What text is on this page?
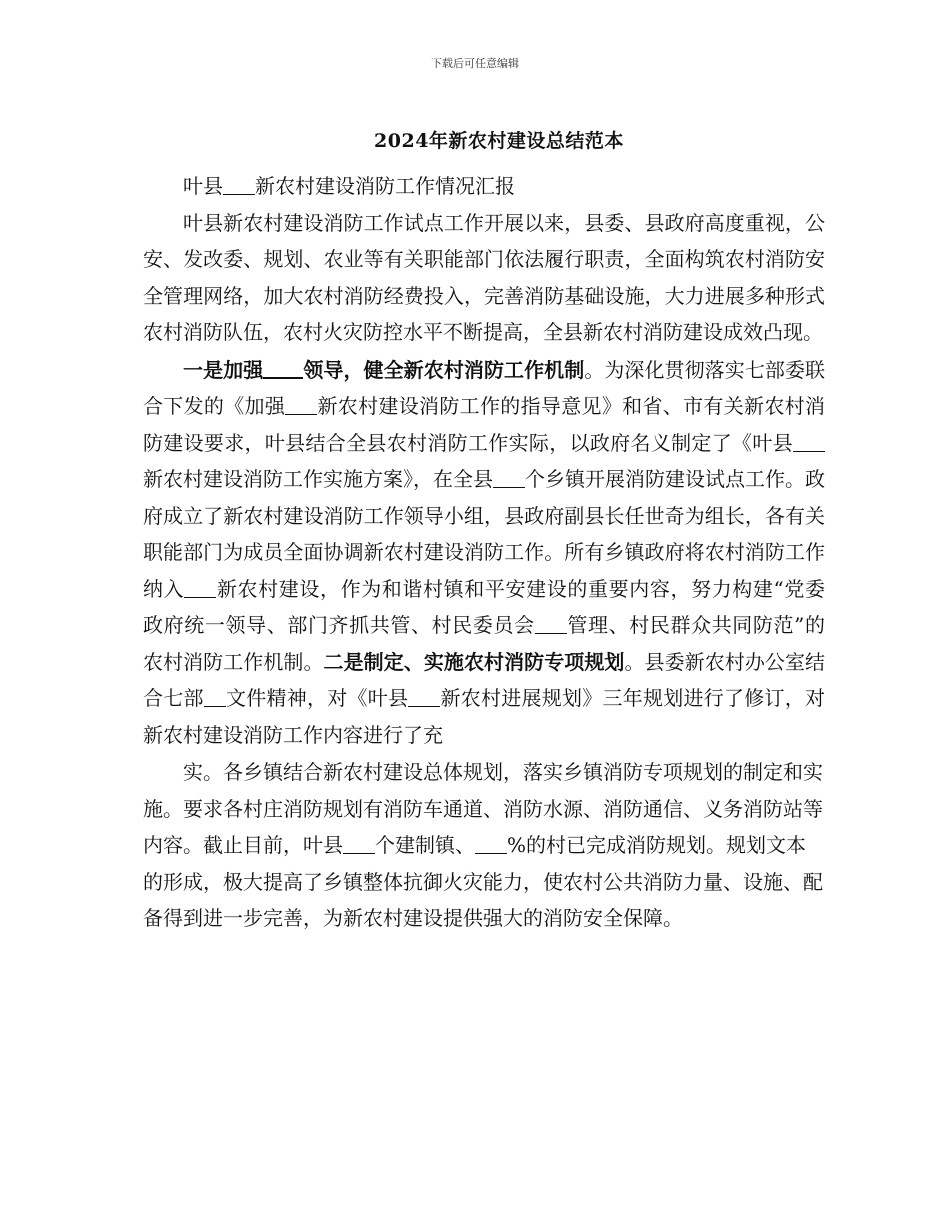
下载后可任意编辑
2024年新农村建设总结范本

叶县 新农村建设消防工作情况汇报

叶县新农村建设消防工作试点工作开展以来，县委、县政府高度重视，公安、发改委、规划、农业等有关职能部门依法履行职责，全面构筑农村消防安全管理网络，加大农村消防经费投入，完善消防基础设施，大力进展多种形式农村消防队伍，农村火灾防控水平不断提高，全县新农村消防建设成效凸现。

一是加强 领导，健全新农村消防工作机制。为深化贯彻落实七部委联合下发的《加强 新农村建设消防工作的指导意见》和省、市有关新农村消防建设要求，叶县结合全县农村消防工作实际，以政府名义制定了《叶县新农村建设消防工作实施方案》，在全县 个乡镇开展消防建设试点工作。政府成立了新农村建设消防工作领导小组，县政府副县长任世奇为组长，各有关职能部门为成员全面协调新农村建设消防工作。所有乡镇政府将农村消防工作纳入 新农村建设，作为和谐村镇和平安建设的重要内容，努力构建“党委政府统一领导、部门齐抓共管、村民委员会 管理、村民群众共同防范”的农村消防工作机制。二是制定、实施农村消防专项规划。县委新农村办公室结合七部 文件精神，对《叶县 新农村进展规划》三年规划进行了修订，对新农村建设消防工作内容进行了充

实。各乡镇结合新农村建设总体规划，落实乡镇消防专项规划的制定和实施。要求各村庄消防规划有消防车通道、消防水源、消防通信、义务消防站等内容。截止目前，叶县 个建制镇、 %的村已完成消防规划。规划文本的形成，极大提高了乡镇整体抗御火灾能力，使农村公共消防力量、设施、配备得到进一步完善，为新农村建设提供强大的消防安全保障。
